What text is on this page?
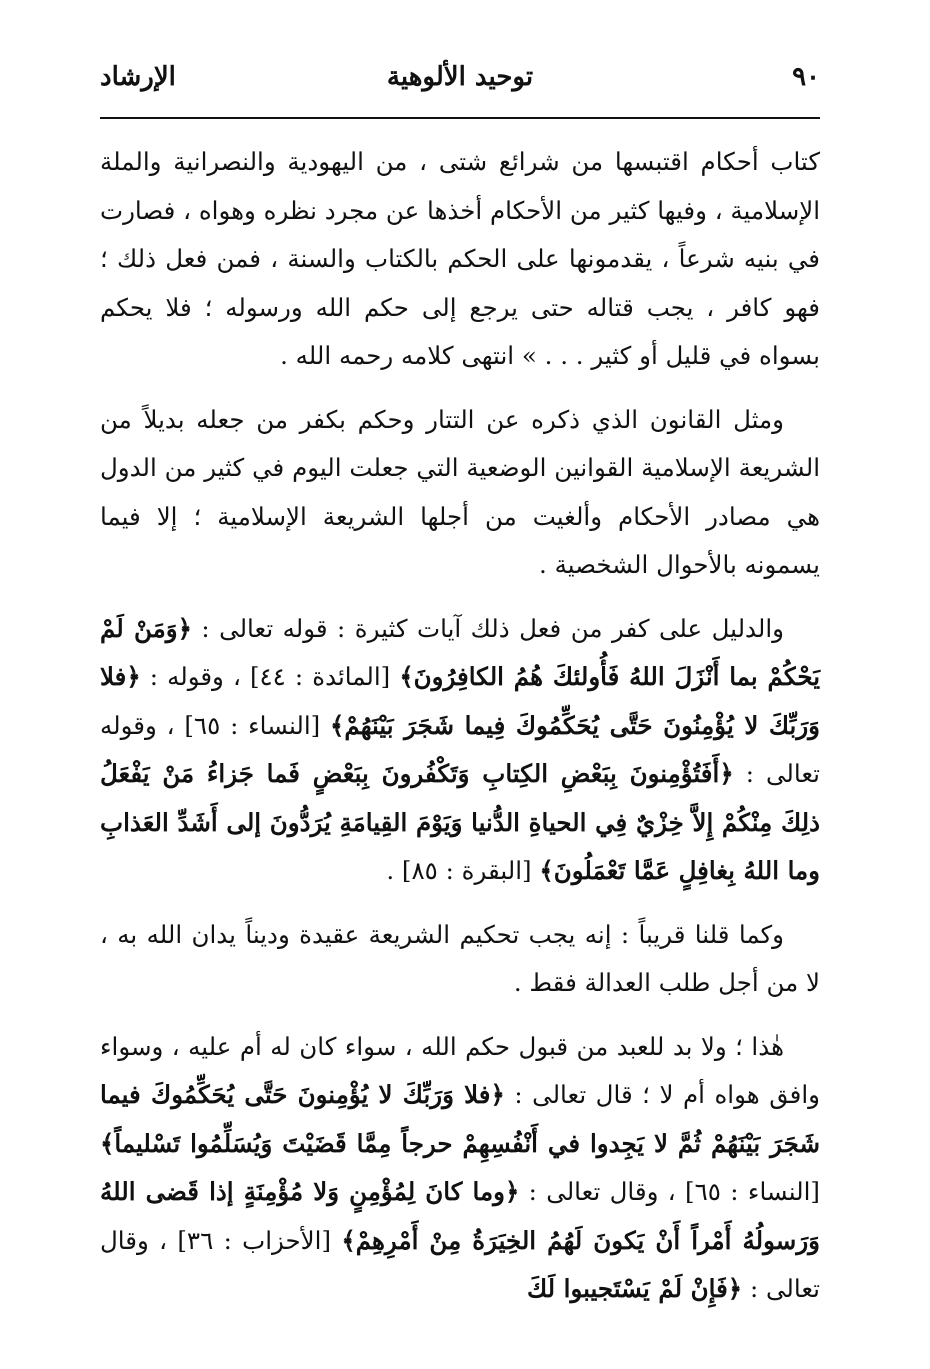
٩٠
توحيد الألوهية
الإرشاد

كتاب أحكام اقتبسها من شرائع شتى ، من اليهودية والنصرانية والملة الإسلامية ، وفيها كثير من الأحكام أخذها عن مجرد نظره وهواه ، فصارت في بنيه شرعاً ، يقدمونها على الحكم بالكتاب والسنة ، فمن فعل ذلك ؛ فهو كافر ، يجب قتاله حتى يرجع إلى حكم الله ورسوله ؛ فلا يحكم بسواه في قليل أو كثير . . . » انتهى كلامه رحمه الله .

ومثل القانون الذي ذكره عن التتار وحكم بكفر من جعله بديلاً من الشريعة الإسلامية القوانين الوضعية التي جعلت اليوم في كثير من الدول هي مصادر الأحكام وألغيت من أجلها الشريعة الإسلامية ؛ إلا فيما يسمونه بالأحوال الشخصية .

والدليل على كفر من فعل ذلك آيات كثيرة : قوله تعالى : ﴿وَمَنْ لَمْ يَحْكُمْ بما أَنْزَلَ اللهُ فَأُولئكَ هُمُ الكافِرُونَ﴾ [المائدة : ٤٤] ، وقوله : ﴿فلا وَرَبِّكَ لا يُؤْمِنُونَ حَتَّى يُحَكِّمُوكَ فِيما شَجَرَ بَيْنَهُمْ﴾ [النساء : ٦٥] ، وقوله تعالى : ﴿أَفَتُؤْمِنونَ بِبَعْضِ الكِتابِ وَتَكْفُرونَ بِبَعْضٍ فَما جَزاءُ مَنْ يَفْعَلُ ذلِكَ مِنْكُمْ إِلاَّ خِزْيٌ فِي الحياةِ الدُّنيا وَيَوْمَ القِيامَةِ يُرَدُّونَ إلى أَشَدِّ العَذابِ وما اللهُ بِغافِلٍ عَمَّا تَعْمَلُونَ﴾ [البقرة : ٨٥] .

وكما قلنا قريباً : إنه يجب تحكيم الشريعة عقيدة وديناً يدان الله به ، لا من أجل طلب العدالة فقط .

هٰذا ؛ ولا بد للعبد من قبول حكم الله ، سواء كان له أم عليه ، وسواء وافق هواه أم لا ؛ قال تعالى : ﴿فلا وَرَبِّكَ لا يُؤْمِنونَ حَتَّى يُحَكِّمُوكَ فيما شَجَرَ بَيْنَهُمْ ثُمَّ لا يَجِدوا في أَنْفُسِهِمْ حرجاً مِمَّا قَضَيْتَ وَيُسَلِّمُوا تَسْليماً﴾ [النساء : ٦٥] ، وقال تعالى : ﴿وما كانَ لِمُؤْمِنٍ وَلا مُؤْمِنَةٍ إذا قَضى اللهُ وَرَسولُهُ أَمْراً أَنْ يَكونَ لَهُمُ الخِيَرَةُ مِنْ أَمْرِهِمْ﴾ [الأحزاب : ٣٦] ، وقال تعالى : ﴿فَإِنْ لَمْ يَسْتَجيبوا لَكَ
